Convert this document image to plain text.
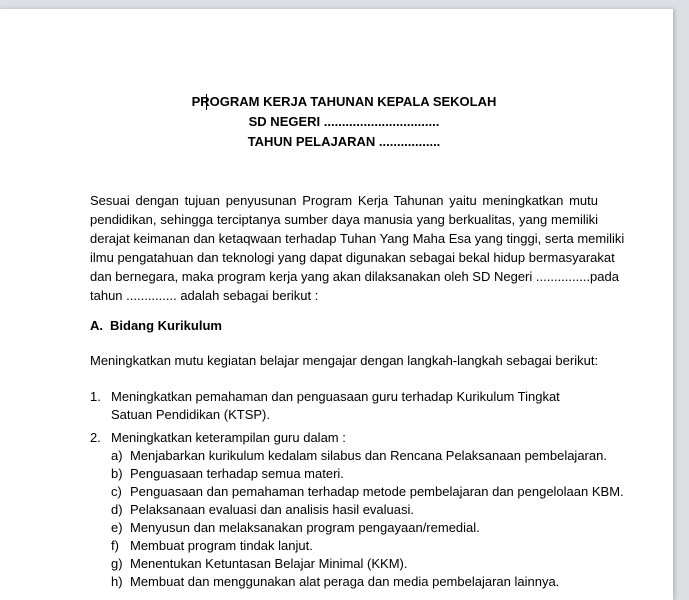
PROGRAM KERJA TAHUNAN KEPALA SEKOLAH
SD NEGERI ................................
TAHUN PELAJARAN .................
Sesuai dengan tujuan penyusunan Program Kerja Tahunan yaitu meningkatkan mutu
pendidikan, sehingga terciptanya sumber daya manusia yang berkualitas, yang memiliki
derajat keimanan dan ketaqwaan terhadap Tuhan Yang Maha Esa yang tinggi, serta memiliki
ilmu pengatahuan dan teknologi yang dapat digunakan sebagai bekal hidup bermasyarakat
dan bernegara, maka program kerja yang akan dilaksanakan oleh SD Negeri ...............pada
tahun .............. adalah sebagai berikut :
A. Bidang Kurikulum
Meningkatkan mutu kegiatan belajar mengajar dengan langkah-langkah sebagai berikut:
1. Meningkatkan pemahaman dan penguasaan guru terhadap Kurikulum Tingkat
Satuan Pendidikan (KTSP).
2. Meningkatkan keterampilan guru dalam :
a) Menjabarkan kurikulum kedalam silabus dan Rencana Pelaksanaan pembelajaran.
b) Penguasaan terhadap semua materi.
c) Penguasaan dan pemahaman terhadap metode pembelajaran dan pengelolaan KBM.
d) Pelaksanaan evaluasi dan analisis hasil evaluasi.
e) Menyusun dan melaksanakan program pengayaan/remedial.
f) Membuat program tindak lanjut.
g) Menentukan Ketuntasan Belajar Minimal (KKM).
h) Membuat dan menggunakan alat peraga dan media pembelajaran lainnya.
